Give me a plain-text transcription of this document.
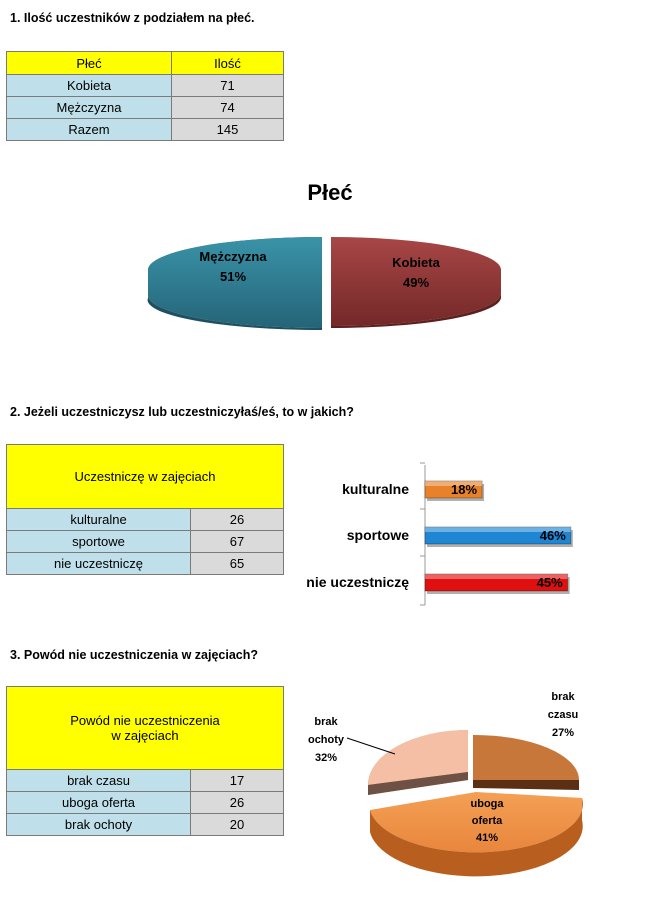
1. Ilość uczestników z podziałem na płeć.
Płeć	Ilość
Kobieta	71
Mężczyzna	74
Razem	145
Płeć
Mężczyzna
51%
Kobieta
49%
2. Jeżeli uczestniczysz lub uczestniczyłaś/eś, to w jakich?
Uczestniczę w zajęciach	
kulturalne	26
sportowe	67
nie uczestniczę	65
kulturalne	18%
sportowe	46%
nie uczestniczę	45%
3. Powód nie uczestniczenia w zajęciach?
Powód nie uczestniczenia
w zajęciach	

brak czasu	17
uboga oferta	26
brak ochoty	20
brak
ochoty
32%
brak
czasu
27%
uboga
oferta
41%
